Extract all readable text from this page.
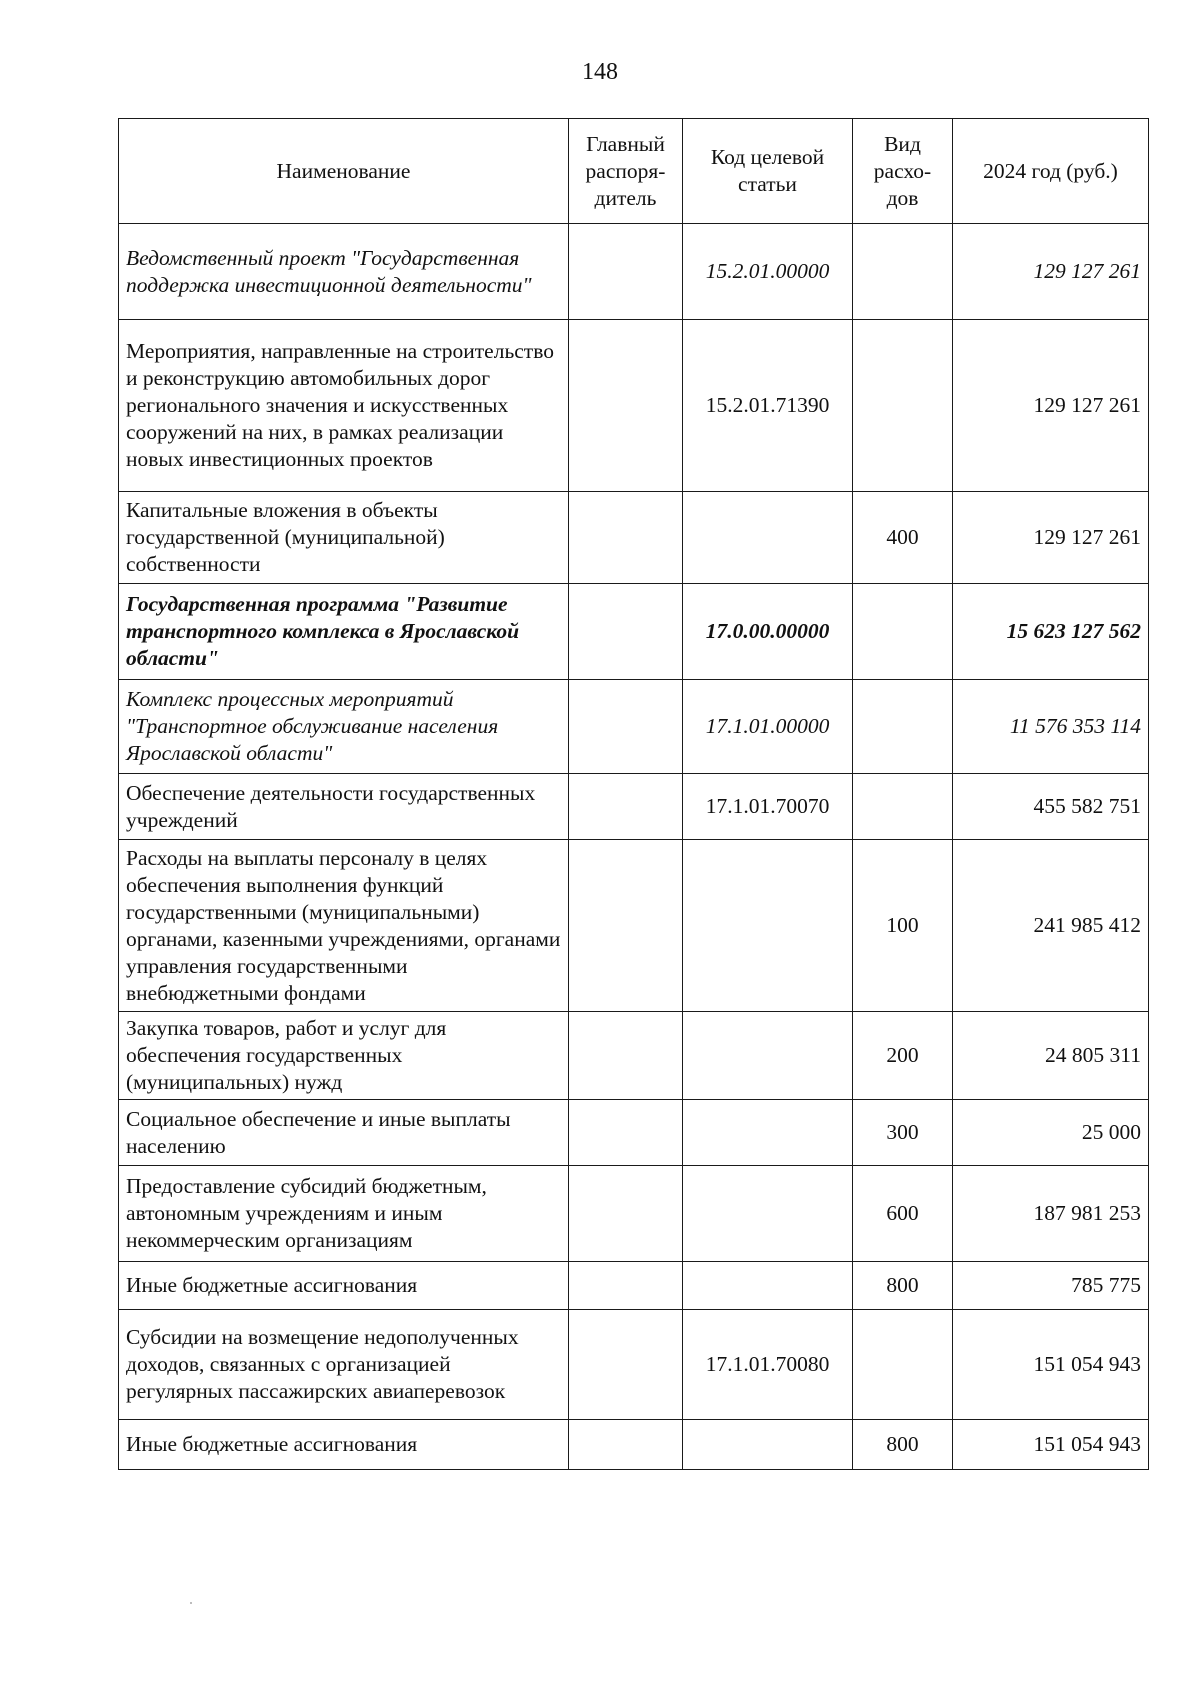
148
Наименование	Главный распоря-дитель	Код целевой статьи	Вид расхо-дов	2024 год (руб.)
Ведомственный проект "Государственная поддержка инвестиционной деятельности"		15.2.01.00000		129 127 261
Мероприятия, направленные на строительство и реконструкцию автомобильных дорог регионального значения и искусственных сооружений на них, в рамках реализации новых инвестиционных проектов		15.2.01.71390		129 127 261
Капитальные вложения в объекты государственной (муниципальной) собственности			400	129 127 261
Государственная программа "Развитие транспортного комплекса в Ярославской области"		17.0.00.00000		15 623 127 562
Комплекс процессных мероприятий "Транспортное обслуживание населения Ярославской области"		17.1.01.00000		11 576 353 114
Обеспечение деятельности государственных учреждений		17.1.01.70070		455 582 751
Расходы на выплаты персоналу в целях обеспечения выполнения функций государственными (муниципальными) органами, казенными учреждениями, органами управления государственными внебюджетными фондами			100	241 985 412
Закупка товаров, работ и услуг для обеспечения государственных (муниципальных) нужд			200	24 805 311
Социальное обеспечение и иные выплаты населению			300	25 000
Предоставление субсидий бюджетным, автономным учреждениям и иным некоммерческим организациям			600	187 981 253
Иные бюджетные ассигнования			800	785 775
Субсидии на возмещение недополученных доходов, связанных с организацией регулярных пассажирских авиаперевозок		17.1.01.70080		151 054 943
Иные бюджетные ассигнования			800	151 054 943
